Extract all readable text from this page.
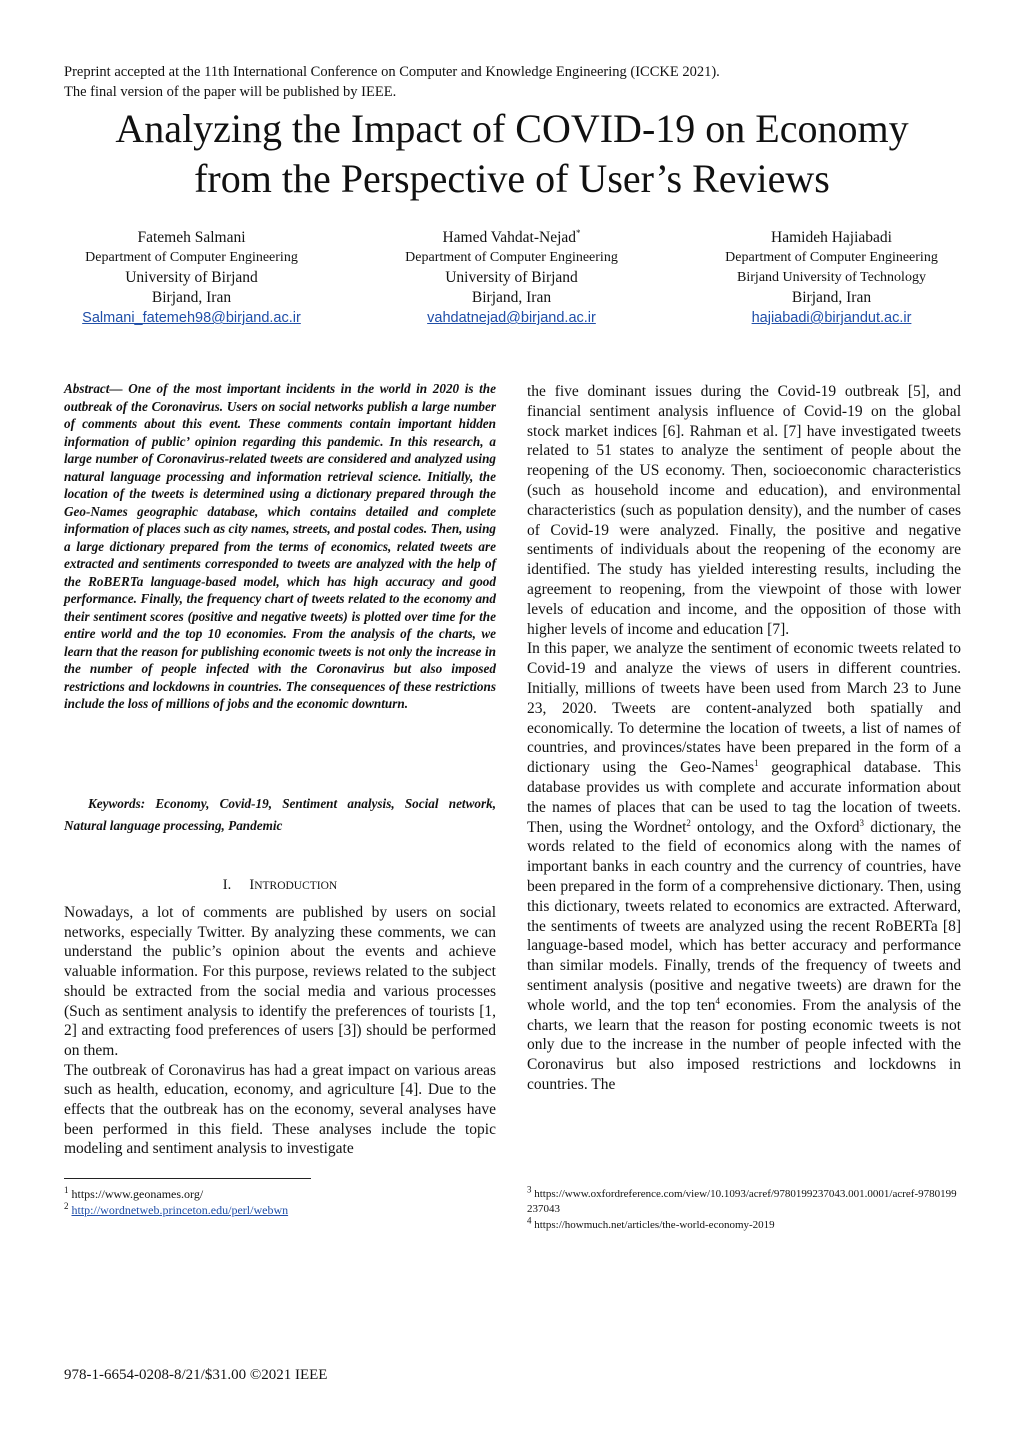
Preprint accepted at the 11th International Conference on Computer and Knowledge Engineering (ICCKE 2021).
The final version of the paper will be published by IEEE.
Analyzing the Impact of COVID-19 on Economy
from the Perspective of User’s Reviews
Fatemeh Salmani
Department of Computer Engineering
University of Birjand
Birjand, Iran
Salmani_fatemeh98@birjand.ac.ir
Hamed Vahdat-Nejad*
Department of Computer Engineering
University of Birjand
Birjand, Iran
vahdatnejad@birjand.ac.ir
Hamideh Hajiabadi
Department of Computer Engineering
Birjand University of Technology
Birjand, Iran
hajiabadi@birjandut.ac.ir
Abstract— One of the most important incidents in the world in 2020 is the outbreak of the Coronavirus. Users on social networks publish a large number of comments about this event. These comments contain important hidden information of public’ opinion regarding this pandemic. In this research, a large number of Coronavirus-related tweets are considered and analyzed using natural language processing and information retrieval science. Initially, the location of the tweets is determined using a dictionary prepared through the Geo-Names geographic database, which contains detailed and complete information of places such as city names, streets, and postal codes. Then, using a large dictionary prepared from the terms of economics, related tweets are extracted and sentiments corresponded to tweets are analyzed with the help of the RoBERTa language-based model, which has high accuracy and good performance. Finally, the frequency chart of tweets related to the economy and their sentiment scores (positive and negative tweets) is plotted over time for the entire world and the top 10 economies. From the analysis of the charts, we learn that the reason for publishing economic tweets is not only the increase in the number of people infected with the Coronavirus but also imposed restrictions and lockdowns in countries. The consequences of these restrictions include the loss of millions of jobs and the economic downturn.
Keywords: Economy, Covid-19, Sentiment analysis, Social network, Natural language processing, Pandemic
I. INTRODUCTION

Nowadays, a lot of comments are published by users on social networks, especially Twitter. By analyzing these comments, we can understand the public’s opinion about the events and achieve valuable information. For this purpose, reviews related to the subject should be extracted from the social media and various processes (Such as sentiment analysis to identify the preferences of tourists [1, 2] and extracting food preferences of users [3]) should be performed on them.

The outbreak of Coronavirus has had a great impact on various areas such as health, education, economy, and agriculture [4]. Due to the effects that the outbreak has on the economy, several analyses have been performed in this field. These analyses include the topic modeling and sentiment analysis to investigate

the five dominant issues during the Covid-19 outbreak [5], and financial sentiment analysis influence of Covid-19 on the global stock market indices [6]. Rahman et al. [7] have investigated tweets related to 51 states to analyze the sentiment of people about the reopening of the US economy. Then, socioeconomic characteristics (such as household income and education), and environmental characteristics (such as population density), and the number of cases of Covid-19 were analyzed. Finally, the positive and negative sentiments of individuals about the reopening of the economy are identified. The study has yielded interesting results, including the agreement to reopening, from the viewpoint of those with lower levels of education and income, and the opposition of those with higher levels of income and education [7].

In this paper, we analyze the sentiment of economic tweets related to Covid-19 and analyze the views of users in different countries. Initially, millions of tweets have been used from March 23 to June 23, 2020. Tweets are content-analyzed both spatially and economically. To determine the location of tweets, a list of names of countries, and provinces/states have been prepared in the form of a dictionary using the Geo-Names$^1$ geographical database. This database provides us with complete and accurate information about the names of places that can be used to tag the location of tweets. Then, using the Wordnet$^2$ ontology, and the Oxford$^3$ dictionary, the words related to the field of economics along with the names of important banks in each country and the currency of countries, have been prepared in the form of a comprehensive dictionary. Then, using this dictionary, tweets related to economics are extracted. Afterward, the sentiments of tweets are analyzed using the recent RoBERTa [8] language-based model, which has better accuracy and performance than similar models. Finally, trends of the frequency of tweets and sentiment analysis (positive and negative tweets) are drawn for the whole world, and the top ten$^4$ economies. From the analysis of the charts, we learn that the reason for posting economic tweets is not only due to the increase in the number of people infected with the Coronavirus but also imposed restrictions and lockdowns in countries. The

$^1$ https://www.geonames.org/
$^2$ http://wordnetweb.princeton.edu/perl/webwn
$^3$ https://www.oxfordreference.com/view/10.1093/acref/9780199237043.001.0001/acref-9780199237043
$^4$ https://howmuch.net/articles/the-world-economy-2019
978-1-6654-0208-8/21/$31.00 ©2021 IEEE
